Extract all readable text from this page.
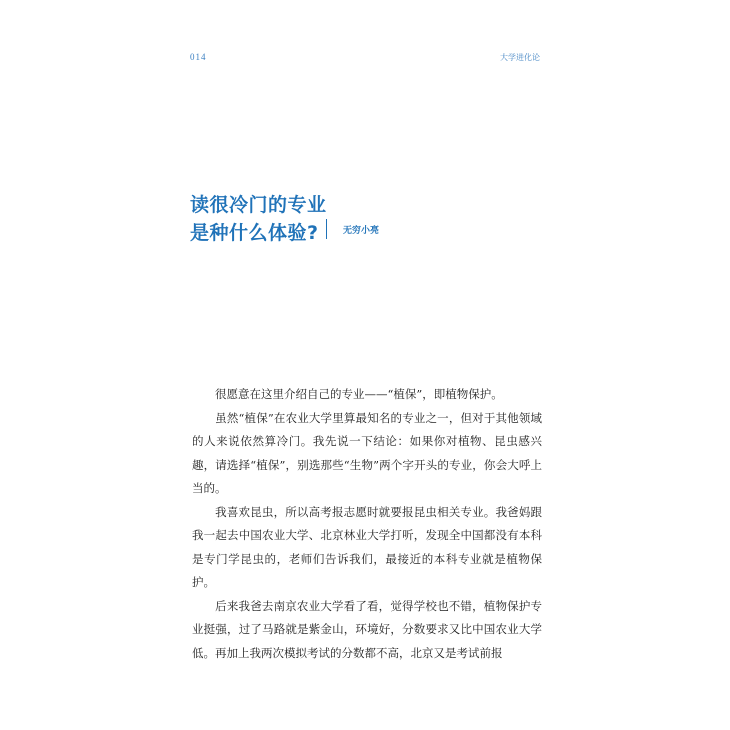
014	大学进化论
读很冷门的专业
是种什么体验?	无穷小亮

很愿意在这里介绍自己的专业——“植保”，即植物保护。

虽然“植保”在农业大学里算最知名的专业之一，但对于其他领域的人来说依然算冷门。我先说一下结论：如果你对植物、昆虫感兴趣，请选择“植保”，别选那些“生物”两个字开头的专业，你会大呼上当的。

我喜欢昆虫，所以高考报志愿时就要报昆虫相关专业。我爸妈跟我一起去中国农业大学、北京林业大学打听，发现全中国都没有本科是专门学昆虫的，老师们告诉我们，最接近的本科专业就是植物保护。

后来我爸去南京农业大学看了看，觉得学校也不错，植物保护专业挺强，过了马路就是紫金山，环境好，分数要求又比中国农业大学低。再加上我两次模拟考试的分数都不高，北京又是考试前报
